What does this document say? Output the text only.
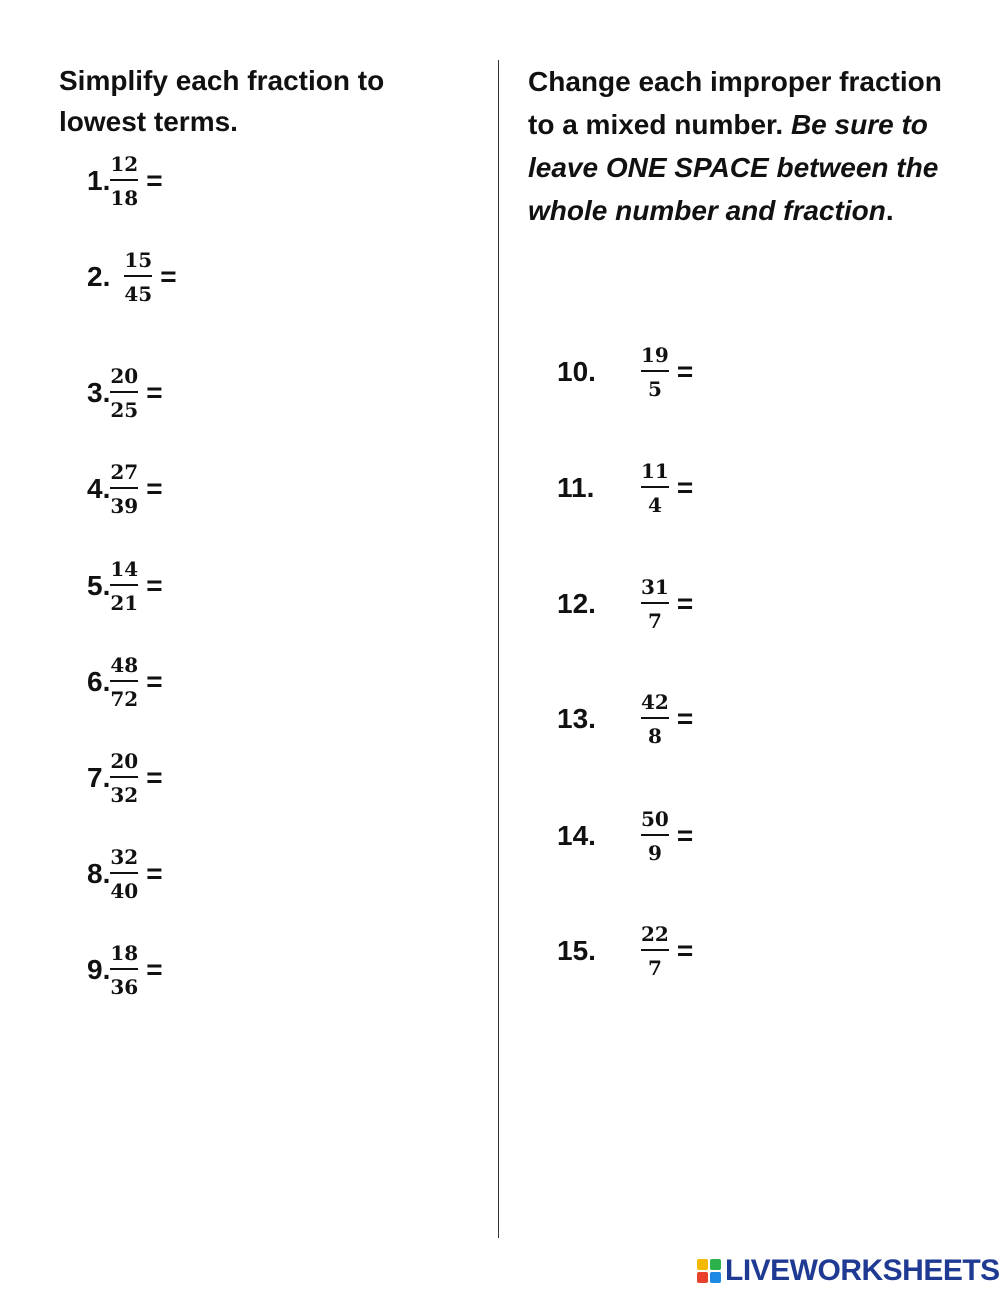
Simplify each fraction to lowest terms.
Change each improper fraction to a mixed number. Be sure to leave ONE SPACE between the whole number and fraction.
1. $\frac{12}{18}$ =
2. $\frac{15}{45}$ =
3. $\frac{20}{25}$ =
4. $\frac{27}{39}$ =
5. $\frac{14}{21}$ =
6. $\frac{48}{72}$ =
7. $\frac{20}{32}$ =
8. $\frac{32}{40}$ =
9. $\frac{18}{36}$ =
10.	$\frac{19}{5}$ =
11.	$\frac{11}{4}$ =
12.	$\frac{31}{7}$ =
13.	$\frac{42}{8}$ =
14.	$\frac{50}{9}$ =
15.	$\frac{22}{7}$ =
LIVEWORKSHEETS
